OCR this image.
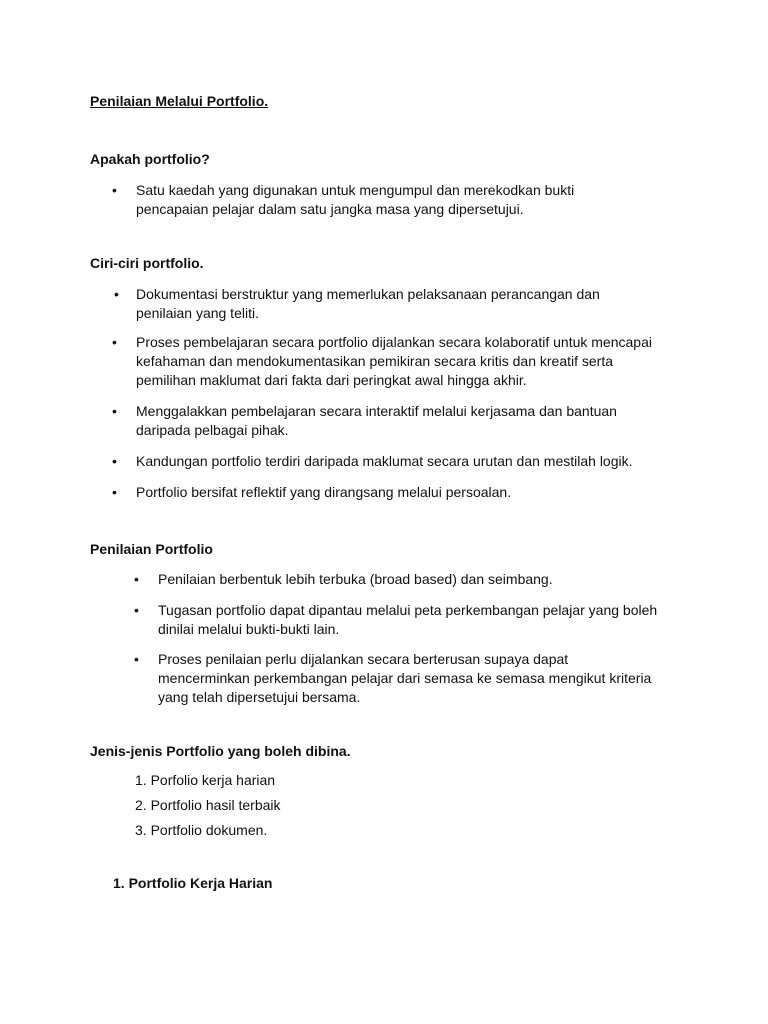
Penilaian Melalui Portfolio.

Apakah portfolio?

•	Satu kaedah yang digunakan untuk mengumpul dan merekodkan bukti pencapaian pelajar dalam satu jangka masa yang dipersetujui.

Ciri-ciri portfolio.

•	Dokumentasi berstruktur yang memerlukan pelaksanaan perancangan dan penilaian yang teliti.
•	Proses pembelajaran secara portfolio dijalankan secara kolaboratif untuk mencapai kefahaman dan mendokumentasikan pemikiran secara kritis dan kreatif serta pemilihan maklumat dari fakta dari peringkat awal hingga akhir.
•	Menggalakkan pembelajaran secara interaktif melalui kerjasama dan bantuan daripada pelbagai pihak.
•	Kandungan portfolio terdiri daripada maklumat secara urutan dan mestilah logik.
•	Portfolio bersifat reflektif yang dirangsang melalui persoalan.

Penilaian Portfolio

•	Penilaian berbentuk lebih terbuka (broad based) dan seimbang.
•	Tugasan portfolio dapat dipantau melalui peta perkembangan pelajar yang boleh dinilai melalui bukti-bukti lain.
•	Proses penilaian perlu dijalankan secara berterusan supaya dapat mencerminkan perkembangan pelajar dari semasa ke semasa mengikut kriteria yang telah dipersetujui bersama.

Jenis-jenis Portfolio yang boleh dibina.

1. Porfolio kerja harian

2. Portfolio hasil terbaik

3. Portfolio dokumen.

1. Portfolio Kerja Harian
